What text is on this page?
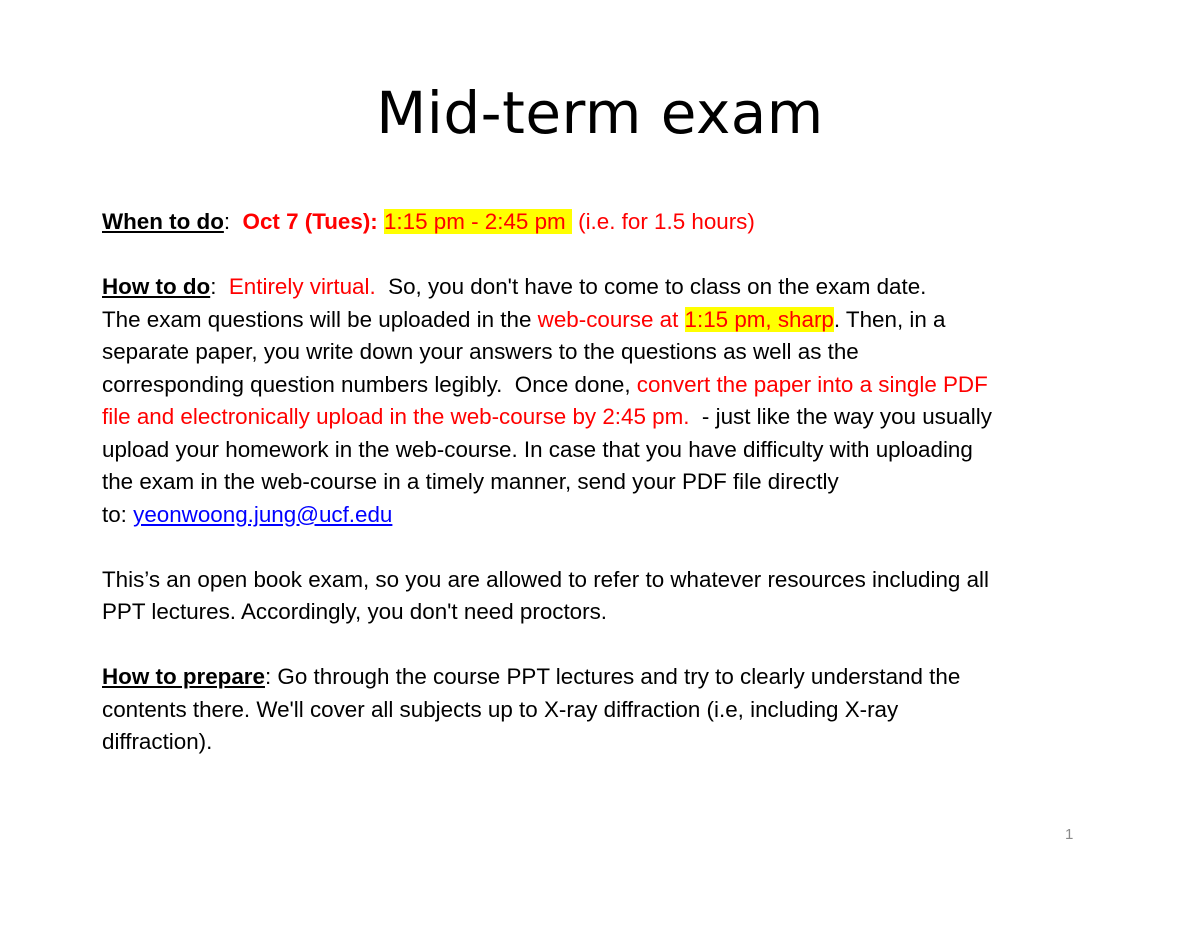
Mid-term exam
When to do:  Oct 7 (Tues): 1:15 pm - 2:45 pm  (i.e. for 1.5 hours)
How to do:  Entirely virtual.  So, you don't have to come to class on the exam date.
The exam questions will be uploaded in the web-course at 1:15 pm, sharp. Then, in a
separate paper, you write down your answers to the questions as well as the
corresponding question numbers legibly.  Once done, convert the paper into a single PDF
file and electronically upload in the web-course by 2:45 pm.  - just like the way you usually
upload your homework in the web-course. In case that you have difficulty with uploading
the exam in the web-course in a timely manner, send your PDF file directly
to: yeonwoong.jung@ucf.edu
This’s an open book exam, so you are allowed to refer to whatever resources including all
PPT lectures. Accordingly, you don't need proctors.
How to prepare: Go through the course PPT lectures and try to clearly understand the
contents there. We'll cover all subjects up to X-ray diffraction (i.e, including X-ray
diffraction).
1
